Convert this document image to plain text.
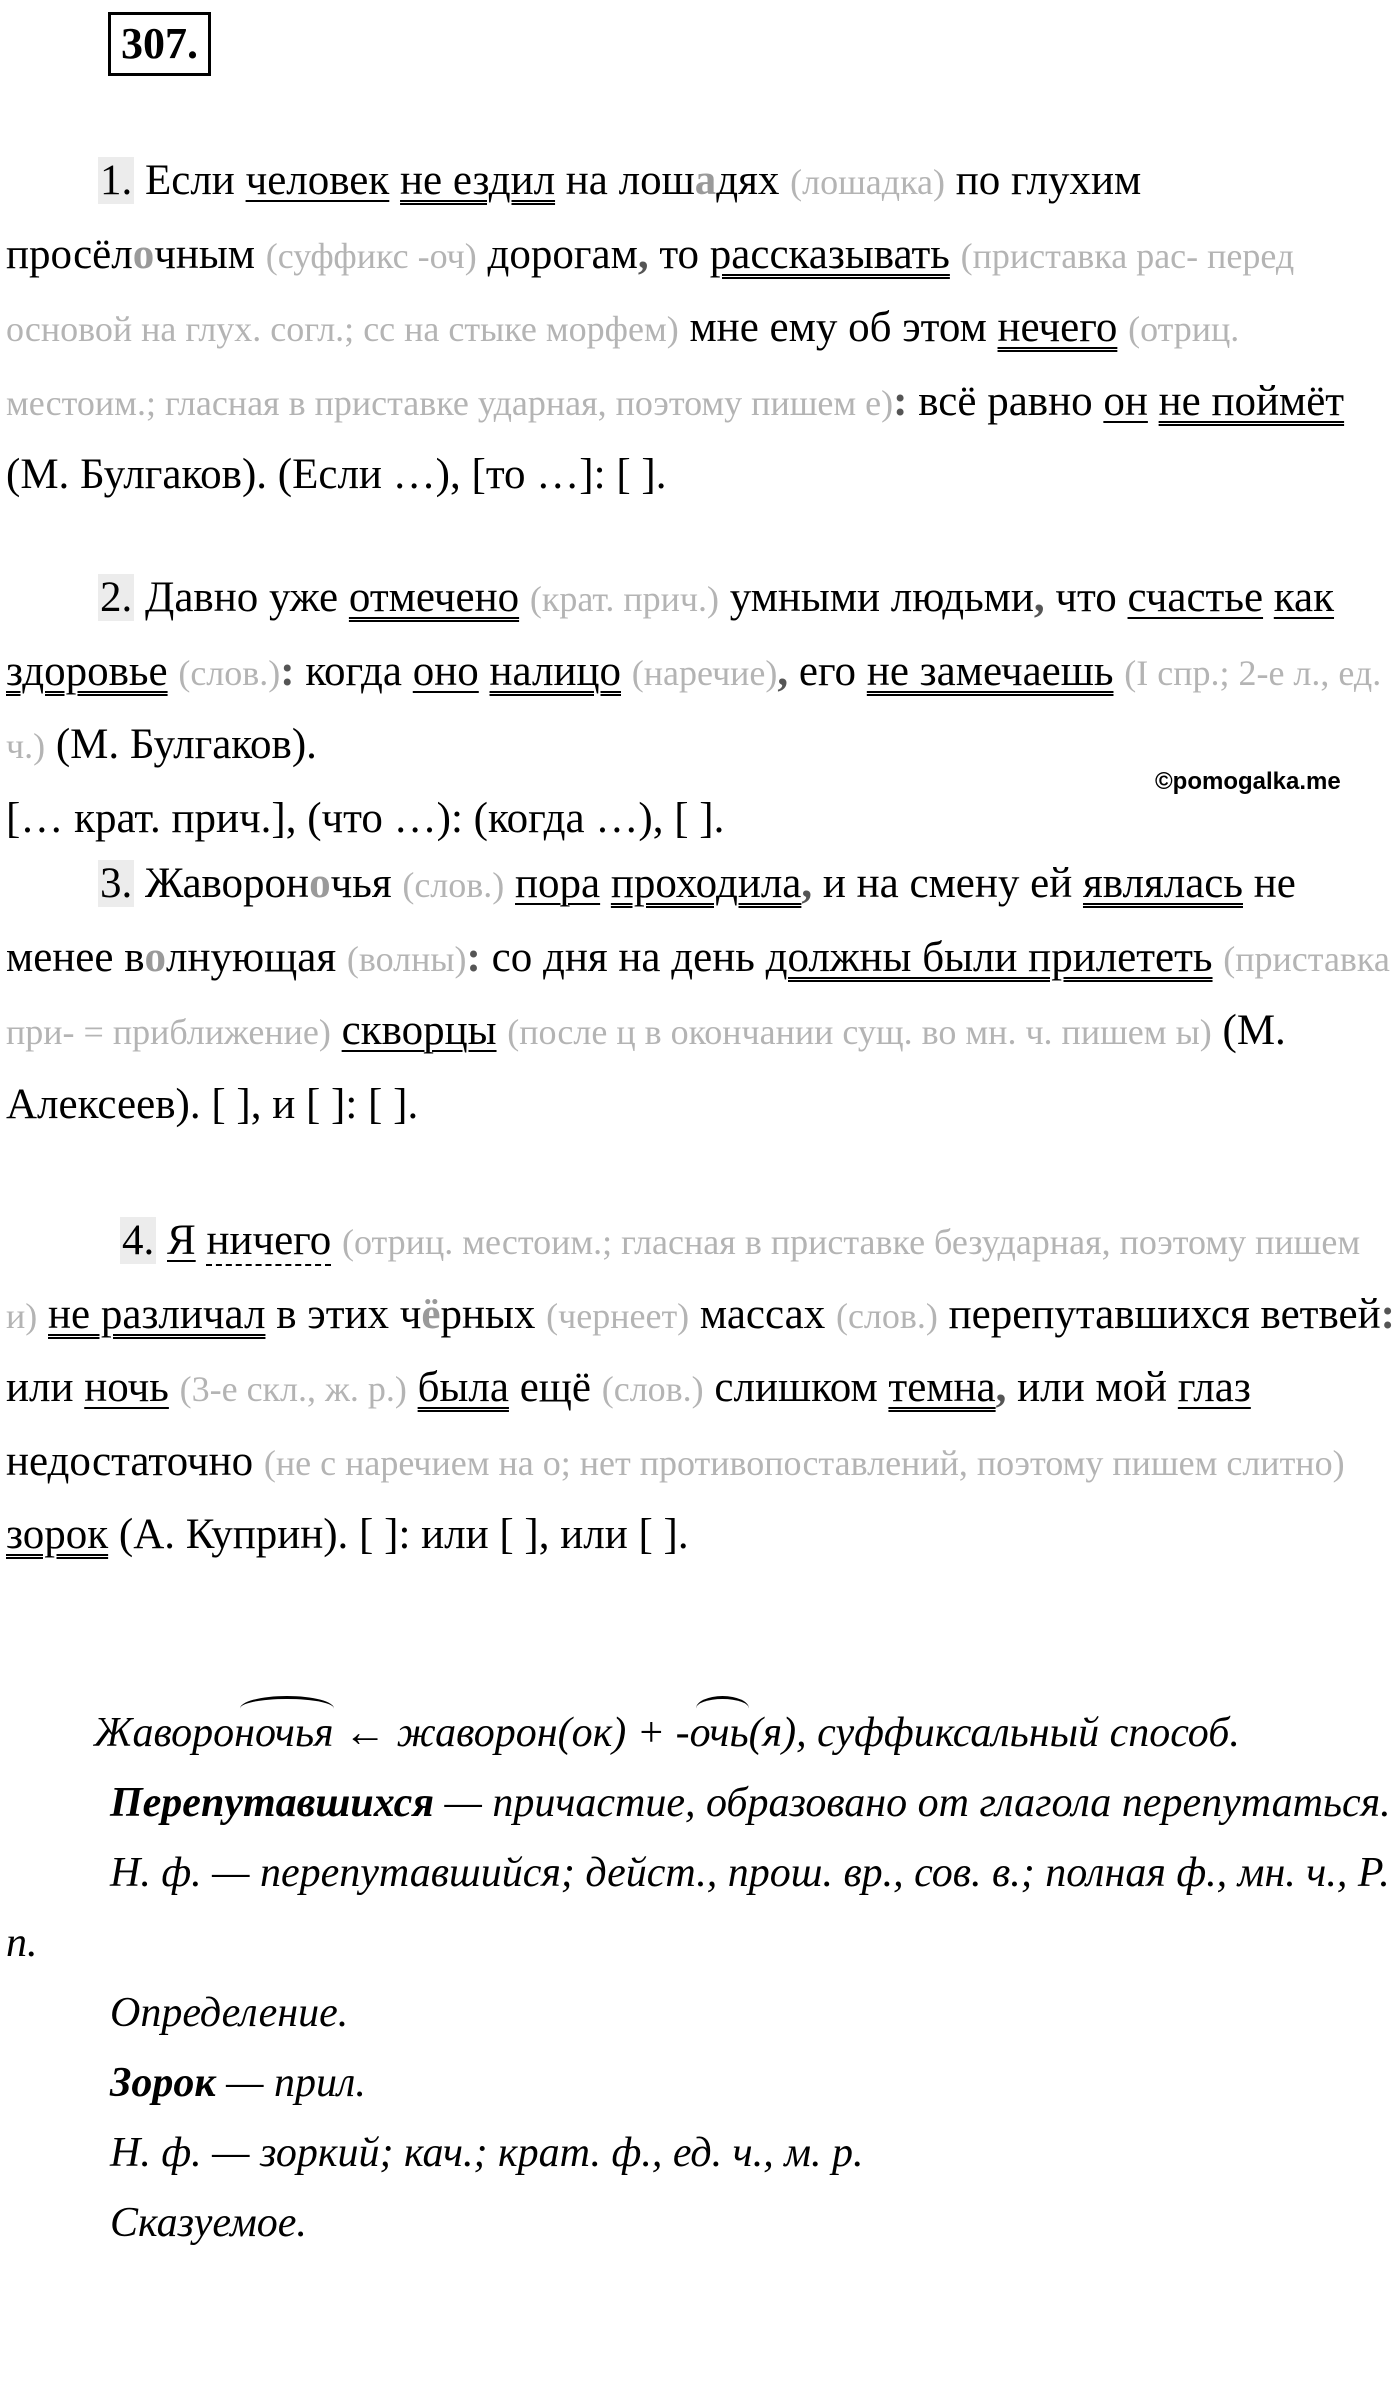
307.
1. Если человек не ездил на лошадях (лошадка) по глухим просёлочным (суффикс -оч) дорогам, то рассказывать (приставка рас- перед основой на глух. согл.; сс на стыке морфем) мне ему об этом нечего (отриц. местоим.; гласная в приставке ударная, поэтому пишем е): всё равно он не поймёт (М. Булгаков). (Если …), [то …]: [ ].
2. Давно уже отмечено (крат. прич.) умными людьми, что счастье как здоровье (слов.): когда оно налицо (наречие), его не замечаешь (I спр.; 2-е л., ед. ч.) (М. Булгаков).
[… крат. прич.], (что …): (когда …), [ ].
©pomogalka.me
3. Жавороночья (слов.) пора проходила, и на смену ей являлась не менее волнующая (волны): со дня на день должны были прилететь (приставка при- = приближение) скворцы (после ц в окончании сущ. во мн. ч. пишем ы) (М. Алексеев). [ ], и [ ]: [ ].
4. Я ничего (отриц. местоим.; гласная в приставке безударная, поэтому пишем и) не различал в этих чёрных (чернеет) массах (слов.) перепутавшихся ветвей: или ночь (3-е скл., ж. р.) была ещё (слов.) слишком темна, или мой глаз недостаточно (не с наречием на о; нет противопоставлений, поэтому пишем слитно) зорок (А. Куприн). [ ]: или [ ], или [ ].
Жавороночья ← жаворон(ок) + -очь(я), суффиксальный способ.
Перепутавшихся — причастие, образовано от глагола перепутаться.
Н. ф. — перепутавшийся; дейст., прош. вр., сов. в.; полная ф., мн. ч., Р. п.
Определение.
Зорок — прил.
Н. ф. — зоркий; кач.; крат. ф., ед. ч., м. р.
Сказуемое.
